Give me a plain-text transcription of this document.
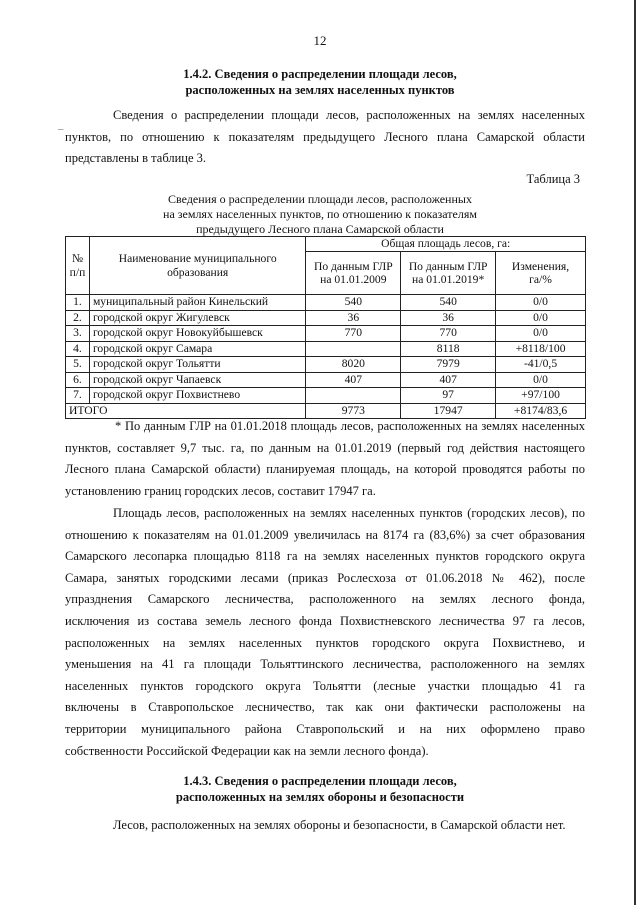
12
1.4.2. Сведения о распределении площади лесов,
расположенных на землях населенных пунктов
–
Сведения о распределении площади лесов, расположенных на землях населенных
пунктов, по отношению к показателям предыдущего Лесного плана Самарской области
представлены в таблице 3.
Таблица 3
Сведения о распределении площади лесов, расположенных
на землях населенных пунктов, по отношению к показателям
предыдущего Лесного плана Самарской области
№ п/п	Наименование муниципального образования	Общая площадь лесов, га:		
		По данным ГЛР на 01.01.2009	По данным ГЛР на 01.01.2019*	Изменения, га/%
1.	муниципальный район Кинельский	540	540	0/0
2.	городской округ Жигулевск	36	36	0/0
3.	городской округ Новокуйбышевск	770	770	0/0
4.	городской округ Самара		8118	+8118/100
5.	городской округ Тольятти	8020	7979	-41/0,5
6.	городской округ Чапаевск	407	407	0/0
7.	городской округ Похвистнево		97	+97/100
ИТОГО		9773	17947	+8174/83,6
* По данным ГЛР на 01.01.2018 площадь лесов, расположенных на землях населенных
пунктов, составляет 9,7 тыс. га, по данным на 01.01.2019 (первый год действия настоящего
Лесного плана Самарской области) планируемая площадь, на которой проводятся работы по
установлению границ городских лесов, составит 17947 га.
Площадь лесов, расположенных на землях населенных пунктов (городских лесов), по
отношению к показателям на 01.01.2009 увеличилась на 8174 га (83,6%) за счет образования
Самарского лесопарка площадью 8118 га на землях населенных пунктов городского округа
Самара, занятых городскими лесами (приказ Рослесхоза от 01.06.2018 № 462), после
упразднения Самарского лесничества, расположенного на землях лесного фонда,
исключения из состава земель лесного фонда Похвистневского лесничества 97 га лесов,
расположенных на землях населенных пунктов городского округа Похвистнево, и
уменьшения на 41 га площади Тольяттинского лесничества, расположенного на землях
населенных пунктов городского округа Тольятти (лесные участки площадью 41 га
включены в Ставропольское лесничество, так как они фактически расположены на
территории муниципального района Ставропольский и на них оформлено право
собственности Российской Федерации как на земли лесного фонда).
1.4.3. Сведения о распределении площади лесов,
расположенных на землях обороны и безопасности
Лесов, расположенных на землях обороны и безопасности, в Самарской области нет.
